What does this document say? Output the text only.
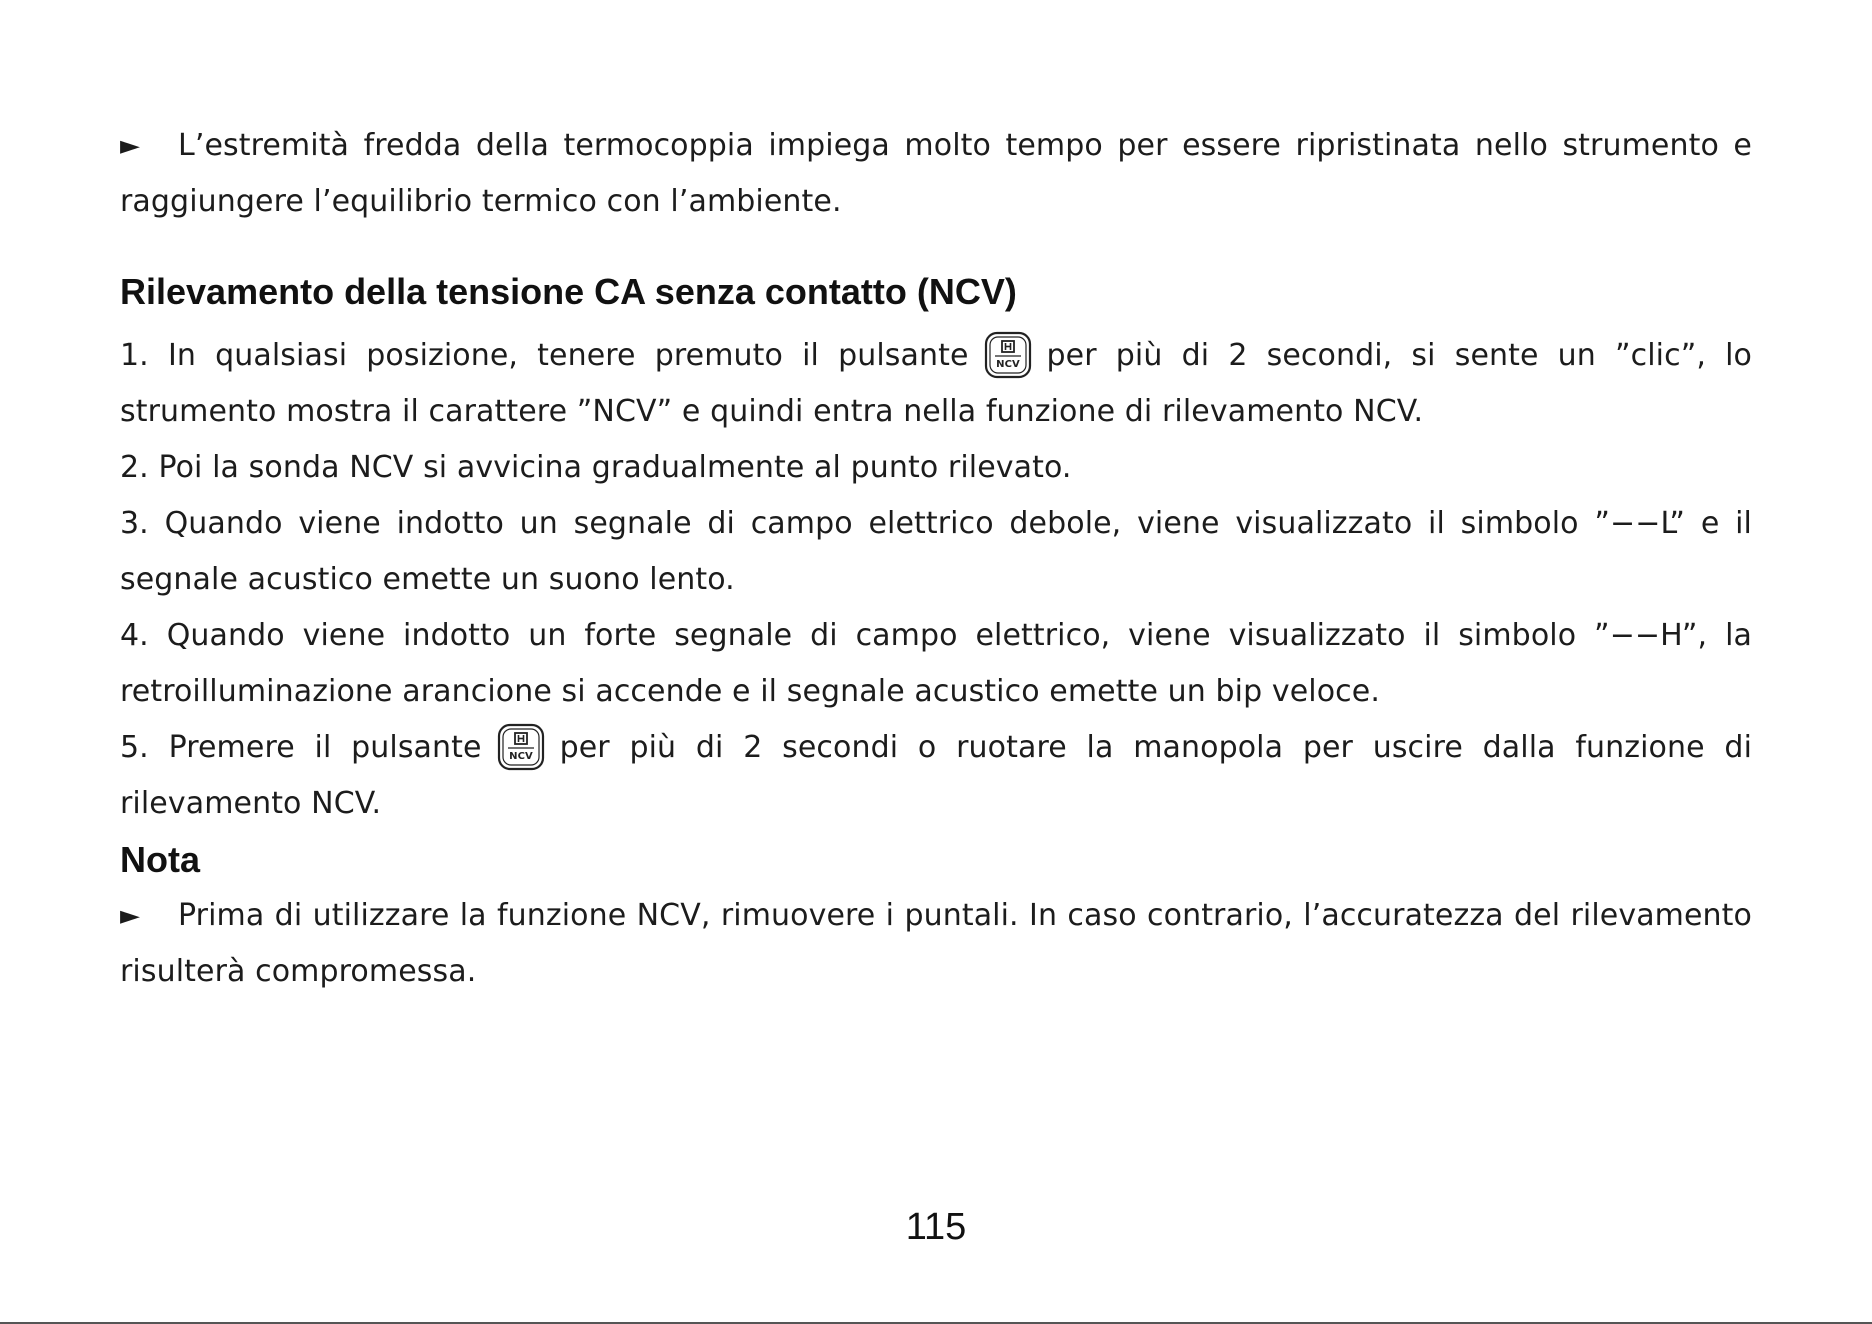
► L’estremità fredda della termocoppia impiega molto tempo per essere ripristinata nello strumento e raggiungere l’equilibrio termico con l’ambiente.

Rilevamento della tensione CA senza contatto (NCV)

1. In qualsiasi posizione, tenere premuto il pulsante	NCV per più di 2 secondi, si sente un ”clic”, lo strumento mostra il carattere ”NCV” e quindi entra nella funzione di rilevamento NCV.

2. Poi la sonda NCV si avvicina gradualmente al punto rilevato.

3. Quando viene indotto un segnale di campo elettrico debole, viene visualizzato il simbolo ”−−L” e il segnale acustico emette un suono lento.

4. Quando viene indotto un forte segnale di campo elettrico, viene visualizzato il simbolo ”−−H”, la retroilluminazione arancione si accende e il segnale acustico emette un bip veloce.

5. Premere il pulsante	NCV per più di 2 secondi o ruotare la manopola per uscire dalla funzione di rilevamento NCV.

Nota

► Prima di utilizzare la funzione NCV, rimuovere i puntali. In caso contrario, l’accuratezza del rilevamento risulterà compromessa.

115
